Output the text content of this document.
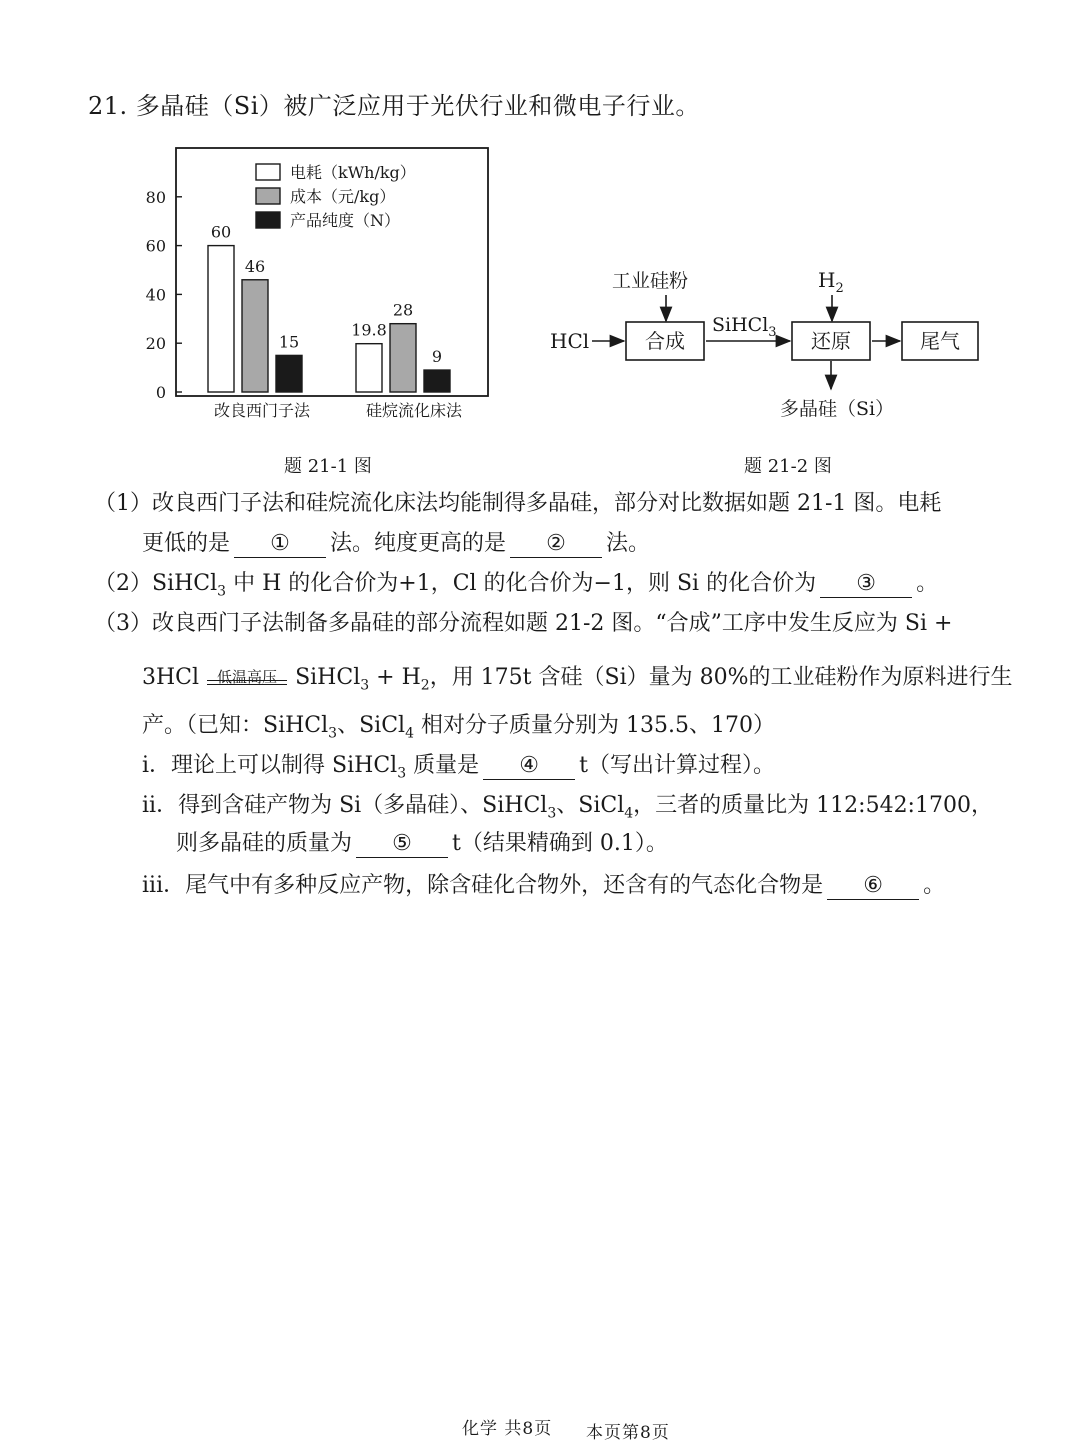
21. 多晶硅（Si）被广泛应用于光伏行业和微电子行业。
电耗（kWh/kg）
成本（元/kg）
产品纯度（N）
0
20
40
60
80
60
46
15
19.8
28
9
改良西门子法	硅烷流化床法
HCl
工业硅粉
合成
SiHCl$_3$
$H_2$
还原	尾气
多晶硅（Si）
题 21-1 图	题 21-2 图
（1）改良西门子法和硅烷流化床法均能制得多晶硅，部分对比数据如题 21-1 图。电耗
更低的是 ① 法。纯度更高的是 ② 法。
（2）SiHCl$_3$ 中 H 的化合价为+1，Cl 的化合价为−1，则 Si 的化合价为 ③ 。
（3）改良西门子法制备多晶硅的部分流程如题 21-2 图。“合成”工序中发生反应为 Si +
3HCl	低温高压 SiHCl$_3$ + $H_2$，用 175t 含硅（Si）量为 80%的工业硅粉作为原料进行生
产。（已知：SiHCl$_3$、SiCl$_4$ 相对分子质量分别为 135.5、170）
i．理论上可以制得 SiHCl$_3$ 质量是 ④ t（写出计算过程）。
ii．得到含硅产物为 Si（多晶硅）、SiHCl$_3$、SiCl$_4$，三者的质量比为 112:542:1700，
则多晶硅的质量为 ⑤ t（结果精确到 0.1）。
iii．尾气中有多种反应产物，除含硅化合物外，还含有的气态化合物是 ⑥ 。
化学 共8页 本页第8页
